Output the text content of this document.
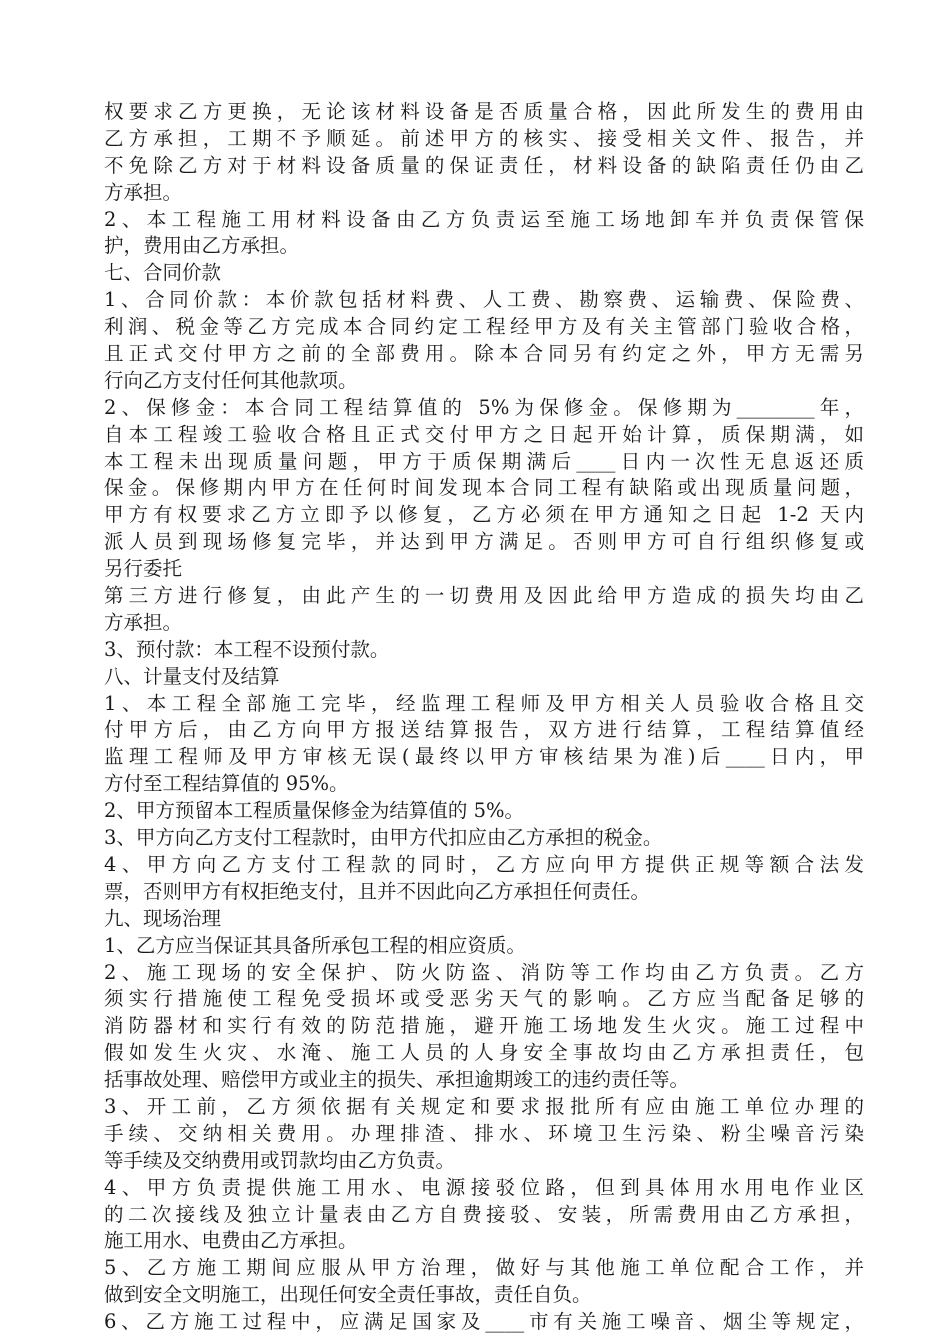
权要求乙方更换，无论该材料设备是否质量合格，因此所发生的费用由
乙方承担，工期不予顺延。前述甲方的核实、接受相关文件、报告，并
不免除乙方对于材料设备质量的保证责任，材料设备的缺陷责任仍由乙
方承担。
2、本工程施工用材料设备由乙方负责运至施工场地卸车并负责保管保
护，费用由乙方承担。
七、合同价款
1、合同价款：本价款包括材料费、人工费、勘察费、运输费、保险费、
利润、税金等乙方完成本合同约定工程经甲方及有关主管部门验收合格，
且正式交付甲方之前的全部费用。除本合同另有约定之外，甲方无需另
行向乙方支付任何其他款项。
2、保修金：本合同工程结算值的 5%为保修金。保修期为________年，
自本工程竣工验收合格且正式交付甲方之日起开始计算，质保期满，如
本工程未出现质量问题，甲方于质保期满后____日内一次性无息返还质
保金。保修期内甲方在任何时间发现本合同工程有缺陷或出现质量问题，
甲方有权要求乙方立即予以修复，乙方必须在甲方通知之日起 1-2 天内
派人员到现场修复完毕，并达到甲方满足。否则甲方可自行组织修复或
另行委托
第三方进行修复，由此产生的一切费用及因此给甲方造成的损失均由乙
方承担。
3、预付款：本工程不设预付款。
八、计量支付及结算
1、本工程全部施工完毕，经监理工程师及甲方相关人员验收合格且交
付甲方后，由乙方向甲方报送结算报告，双方进行结算，工程结算值经
监理工程师及甲方审核无误(最终以甲方审核结果为准)后____日内，甲
方付至工程结算值的 95%。
2、甲方预留本工程质量保修金为结算值的 5%。
3、甲方向乙方支付工程款时，由甲方代扣应由乙方承担的税金。
4、甲方向乙方支付工程款的同时，乙方应向甲方提供正规等额合法发
票，否则甲方有权拒绝支付，且并不因此向乙方承担任何责任。
九、现场治理
1、乙方应当保证其具备所承包工程的相应资质。
2、施工现场的安全保护、防火防盗、消防等工作均由乙方负责。乙方
须实行措施使工程免受损坏或受恶劣天气的影响。乙方应当配备足够的
消防器材和实行有效的防范措施，避开施工场地发生火灾。施工过程中
假如发生火灾、水淹、施工人员的人身安全事故均由乙方承担责任，包
括事故处理、赔偿甲方或业主的损失、承担逾期竣工的违约责任等。
3、开工前，乙方须依据有关规定和要求报批所有应由施工单位办理的
手续、交纳相关费用。办理排渣、排水、环境卫生污染、粉尘噪音污染
等手续及交纳费用或罚款均由乙方负责。
4、甲方负责提供施工用水、电源接驳位路，但到具体用水用电作业区
的二次接线及独立计量表由乙方自费接驳、安装，所需费用由乙方承担，
施工用水、电费由乙方承担。
5、乙方施工期间应服从甲方治理，做好与其他施工单位配合工作，并
做到安全文明施工，出现任何安全责任事故，责任自负。
6、乙方施工过程中，应满足国家及____市有关施工噪音、烟尘等规定，
